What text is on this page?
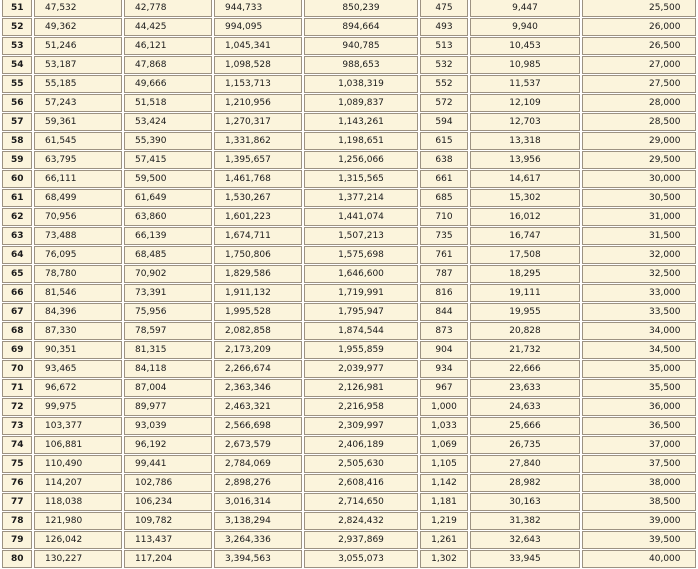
51	47,532	42,778	944,733	850,239	475	9,447	25,500
52	49,362	44,425	994,095	894,664	493	9,940	26,000
53	51,246	46,121	1,045,341	940,785	513	10,453	26,500
54	53,187	47,868	1,098,528	988,653	532	10,985	27,000
55	55,185	49,666	1,153,713	1,038,319	552	11,537	27,500
56	57,243	51,518	1,210,956	1,089,837	572	12,109	28,000
57	59,361	53,424	1,270,317	1,143,261	594	12,703	28,500
58	61,545	55,390	1,331,862	1,198,651	615	13,318	29,000
59	63,795	57,415	1,395,657	1,256,066	638	13,956	29,500
60	66,111	59,500	1,461,768	1,315,565	661	14,617	30,000
61	68,499	61,649	1,530,267	1,377,214	685	15,302	30,500
62	70,956	63,860	1,601,223	1,441,074	710	16,012	31,000
63	73,488	66,139	1,674,711	1,507,213	735	16,747	31,500
64	76,095	68,485	1,750,806	1,575,698	761	17,508	32,000
65	78,780	70,902	1,829,586	1,646,600	787	18,295	32,500
66	81,546	73,391	1,911,132	1,719,991	816	19,111	33,000
67	84,396	75,956	1,995,528	1,795,947	844	19,955	33,500
68	87,330	78,597	2,082,858	1,874,544	873	20,828	34,000
69	90,351	81,315	2,173,209	1,955,859	904	21,732	34,500
70	93,465	84,118	2,266,674	2,039,977	934	22,666	35,000
71	96,672	87,004	2,363,346	2,126,981	967	23,633	35,500
72	99,975	89,977	2,463,321	2,216,958	1,000	24,633	36,000
73	103,377	93,039	2,566,698	2,309,997	1,033	25,666	36,500
74	106,881	96,192	2,673,579	2,406,189	1,069	26,735	37,000
75	110,490	99,441	2,784,069	2,505,630	1,105	27,840	37,500
76	114,207	102,786	2,898,276	2,608,416	1,142	28,982	38,000
77	118,038	106,234	3,016,314	2,714,650	1,181	30,163	38,500
78	121,980	109,782	3,138,294	2,824,432	1,219	31,382	39,000
79	126,042	113,437	3,264,336	2,937,869	1,261	32,643	39,500
80	130,227	117,204	3,394,563	3,055,073	1,302	33,945	40,000
